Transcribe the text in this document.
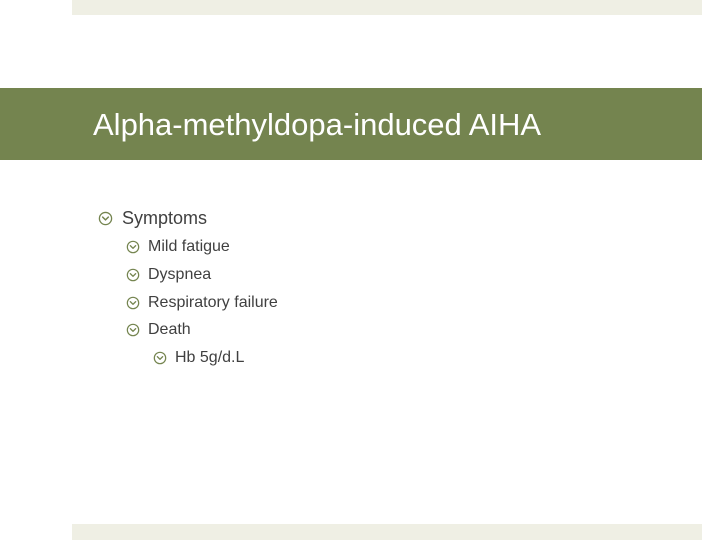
Alpha-methyldopa-induced AIHA
Symptoms
Mild fatigue
Dyspnea
Respiratory failure
Death
Hb 5g/d.L
